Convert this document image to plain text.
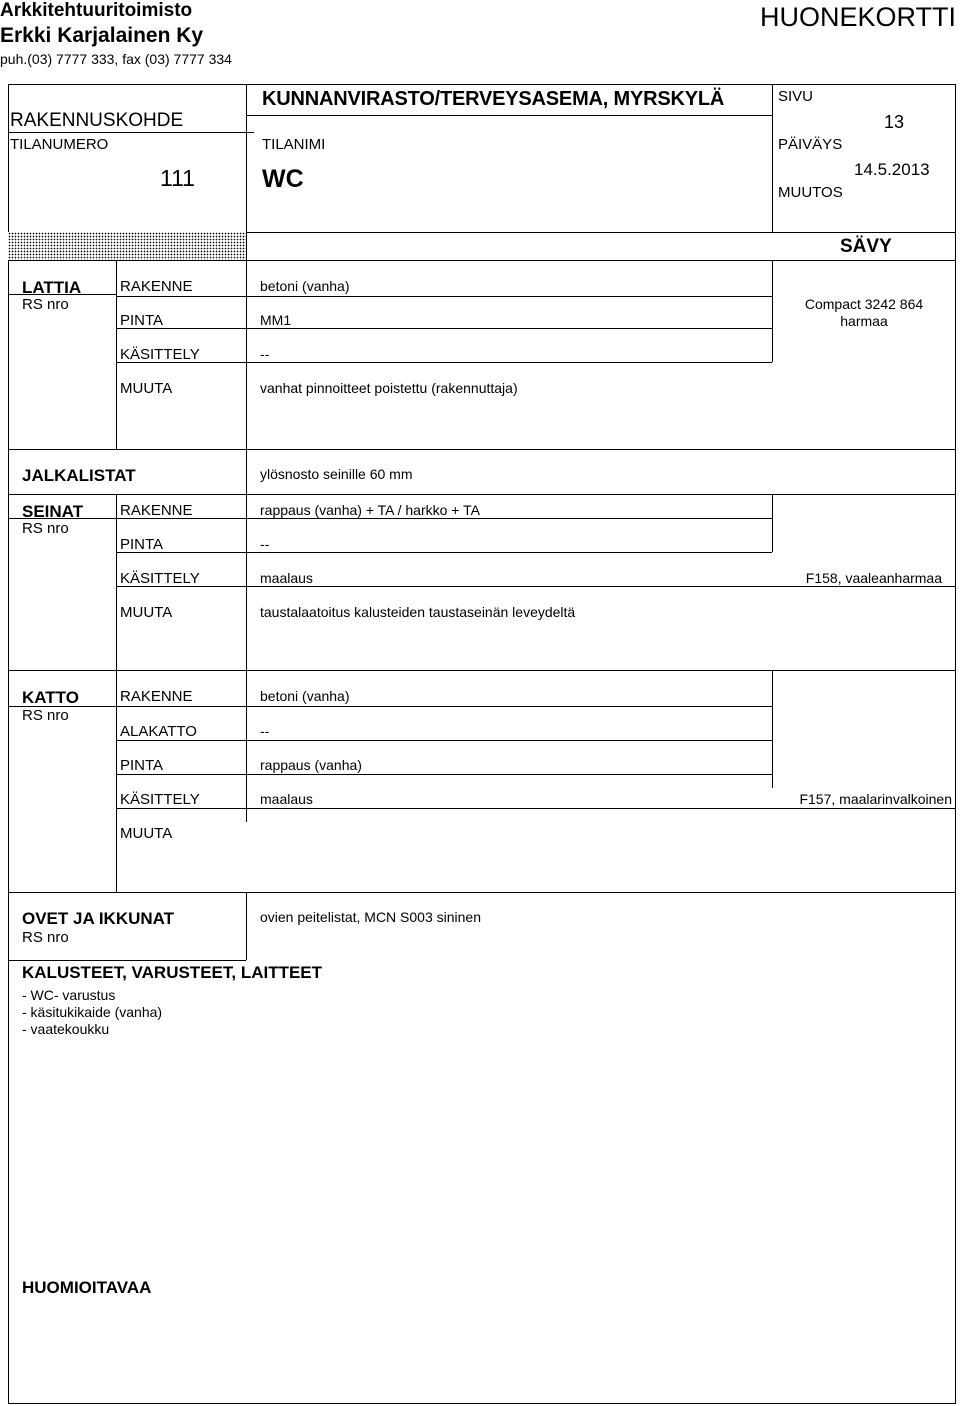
Arkkitehtuuritoimisto
Erkki Karjalainen Ky
puh.(03) 7777 333, fax (03) 7777 334
HUONEKORTTI
RAKENNUSKOHDE
KUNNANVIRASTO/TERVEYSASEMA, MYRSKYLÄ
TILANUMERO
111
TILANIMI
WC
SIVU
13
PÄIVÄYS
14.5.2013
MUUTOS
SÄVY
LATTIA
RS nro
RAKENNE	betoni (vanha)
PINTA	MM1
KÄSITTELY	--
MUUTA	vanhat pinnoitteet poistettu (rakennuttaja)
Compact 3242 864
harmaa
JALKALISTAT	ylösnosto seinille 60 mm
SEINAT
RS nro
RAKENNE	rappaus (vanha) + TA / harkko + TA
PINTA	--
KÄSITTELY	maalaus	F158, vaaleanharmaa
MUUTA	taustalaatoitus kalusteiden taustaseinän leveydeltä
KATTO
RS nro
RAKENNE	betoni (vanha)
ALAKATTO	--
PINTA	rappaus (vanha)
KÄSITTELY	maalaus	F157, maalarinvalkoinen
MUUTA
OVET JA IKKUNAT
RS nro
ovien peitelistat, MCN S003 sininen
KALUSTEET, VARUSTEET, LAITTEET
- WC- varustus
- käsitukikaide (vanha)
- vaatekoukku
HUOMIOITAVAA
